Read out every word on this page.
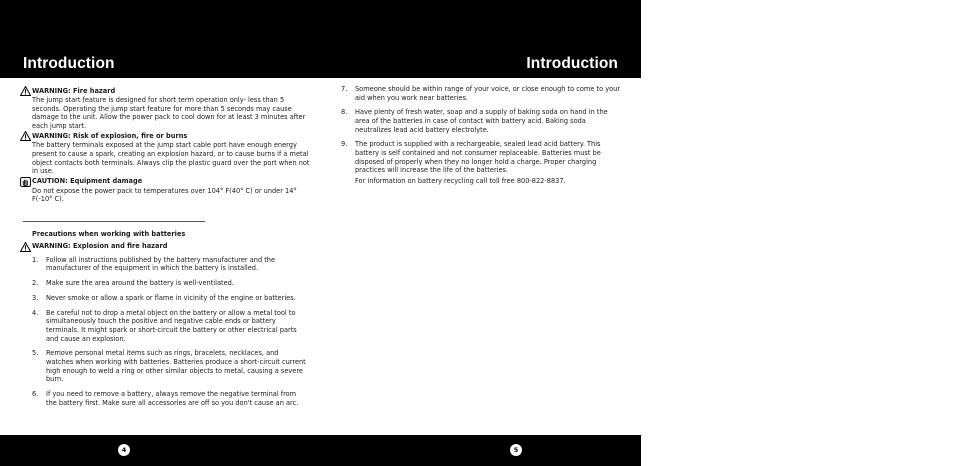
Introduction
WARNING: Fire hazard
The jump start feature is designed for short term operation only- less than 5 seconds. Operating the jump start feature for more than 5 seconds may cause damage to the unit. Allow the power pack to cool down for at least 3 minutes after each jump start.
WARNING: Risk of explosion, fire or burns
The battery terminals exposed at the jump start cable port have enough energy present to cause a spark, creating an explosion hazard, or to cause burns if a metal object contacts both terminals. Always clip the plastic guard over the port when not in use.
CAUTION: Equipment damage
Do not expose the power pack to temperatures over 104° F(40° C) or under 14° F(-10° C).
Precautions when working with batteries
WARNING: Explosion and fire hazard
1.	Follow all instructions published by the battery manufacturer and the manufacturer of the equipment in which the battery is installed.
2.	Make sure the area around the battery is well-ventilated.
3.	Never smoke or allow a spark or flame in vicinity of the engine or batteries.
4.	Be careful not to drop a metal object on the battery or allow a metal tool to simultaneously touch the positive and negative cable ends or battery terminals. It might spark or short-circuit the battery or other electrical parts and cause an explosion.
5.	Remove personal metal items such as rings, bracelets, necklaces, and watches when working with batteries. Batteries produce a short-circuit current high enough to weld a ring or other similar objects to metal, causing a severe burn.
6.	If you need to remove a battery, always remove the negative terminal from the battery first. Make sure all accessories are off so you don't cause an arc.
4
Introduction
7.	Someone should be within range of your voice, or close enough to come to your aid when you work near batteries.
8.	Have plenty of fresh water, soap and a supply of baking soda on hand in the area of the batteries in case of contact with battery acid. Baking soda neutralizes lead acid battery electrolyte.
9.	The product is supplied with a rechargeable, sealed lead acid battery. This battery is self contained and not consumer replaceable. Batteries must be disposed of properly when they no longer hold a charge. Proper charging practices will increase the life of the batteries.
For information on battery recycling call toll free 800-822-8837.
5
